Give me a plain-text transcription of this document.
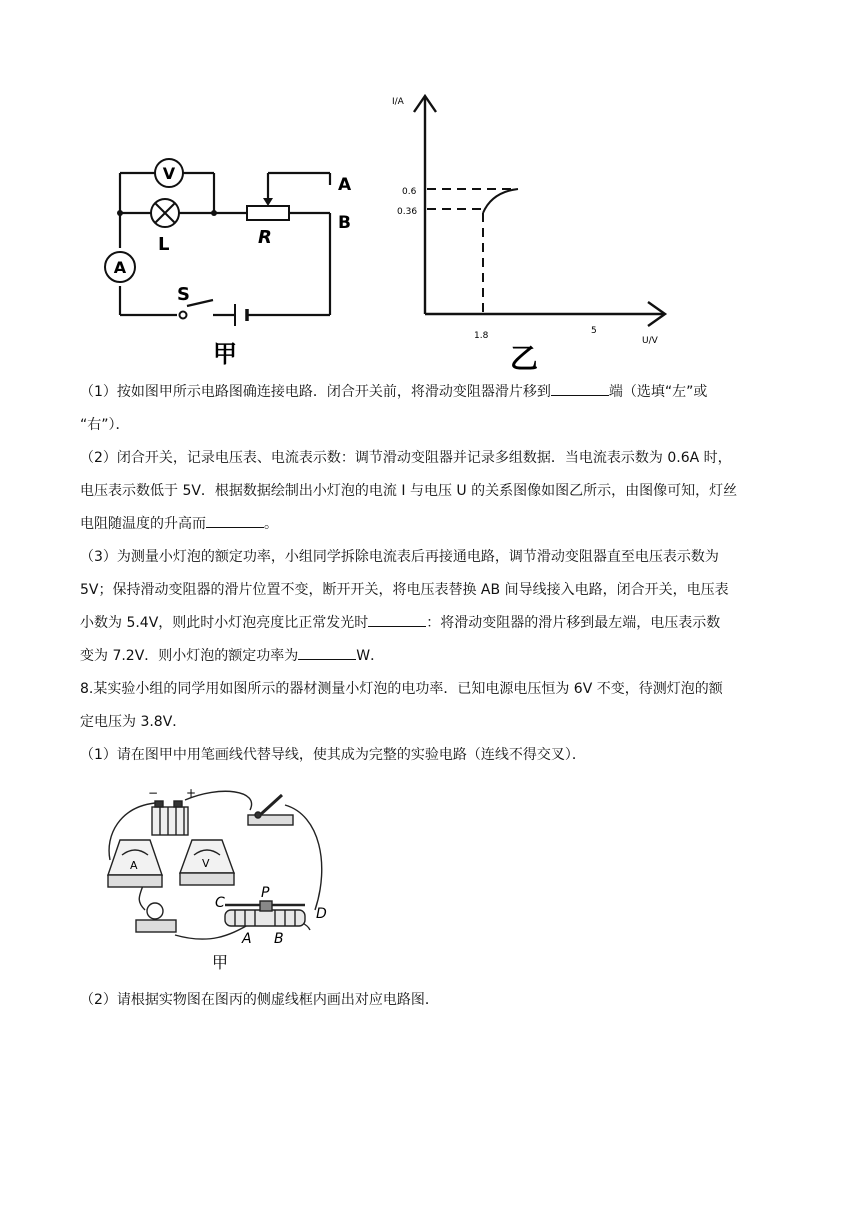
V
A
L	R
S
A
B
甲
I/A
0.6
0.36
1.8	5
U/V
乙

（1）按如图甲所示电路图确连接电路．闭合开关前，将滑动变阻器滑片移到	端（选填“左”或

“右”）．

（2）闭合开关，记录电压表、电流表示数：调节滑动变阻器并记录多组数据．当电流表示数为 0.6A 时，

电压表示数低于 5V．根据数据绘制出小灯泡的电流 I 与电压 U 的关系图像如图乙所示，由图像可知，灯丝

电阻随温度的升高而	。

（3）为测量小灯泡的额定功率，小组同学拆除电流表后再接通电路，调节滑动变阻器直至电压表示数为

5V；保持滑动变阻器的滑片位置不变，断开开关，将电压表替换 AB 间导线接入电路，闭合开关，电压表

小数为 5.4V，则此时小灯泡亮度比正常发光时	：将滑动变阻器的滑片移到最左端，电压表示数

变为 7.2V．则小灯泡的额定功率为	W．

8.某实验小组的同学用如图所示的器材测量小灯泡的电功率．已知电源电压恒为 6V 不变，待测灯泡的额

定电压为 3.8V．

（1）请在图甲中用笔画线代替导线，使其成为完整的实验电路（连线不得交叉）．

− +
A	V
C
P
D
A B
甲

（2）请根据实物图在图丙的侧虚线框内画出对应电路图．
